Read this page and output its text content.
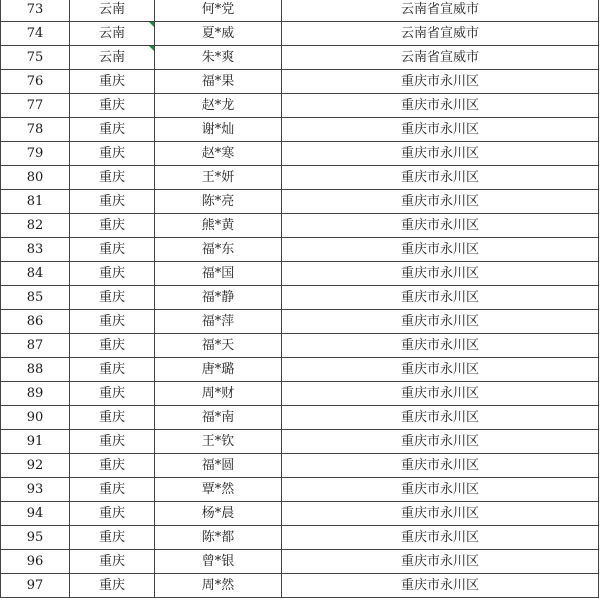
73	云南	何*党	云南省宣威市
74	云南	夏*威	云南省宣威市
75	云南	朱*爽	云南省宣威市
76	重庆	福*果	重庆市永川区
77	重庆	赵*龙	重庆市永川区
78	重庆	谢*灿	重庆市永川区
79	重庆	赵*寒	重庆市永川区
80	重庆	王*妍	重庆市永川区
81	重庆	陈*亮	重庆市永川区
82	重庆	熊*黄	重庆市永川区
83	重庆	福*东	重庆市永川区
84	重庆	福*国	重庆市永川区
85	重庆	福*静	重庆市永川区
86	重庆	福*萍	重庆市永川区
87	重庆	福*天	重庆市永川区
88	重庆	唐*璐	重庆市永川区
89	重庆	周*财	重庆市永川区
90	重庆	福*南	重庆市永川区
91	重庆	王*钦	重庆市永川区
92	重庆	福*圆	重庆市永川区
93	重庆	覃*然	重庆市永川区
94	重庆	杨*晨	重庆市永川区
95	重庆	陈*都	重庆市永川区
96	重庆	曾*银	重庆市永川区
97	重庆	周*然	重庆市永川区
